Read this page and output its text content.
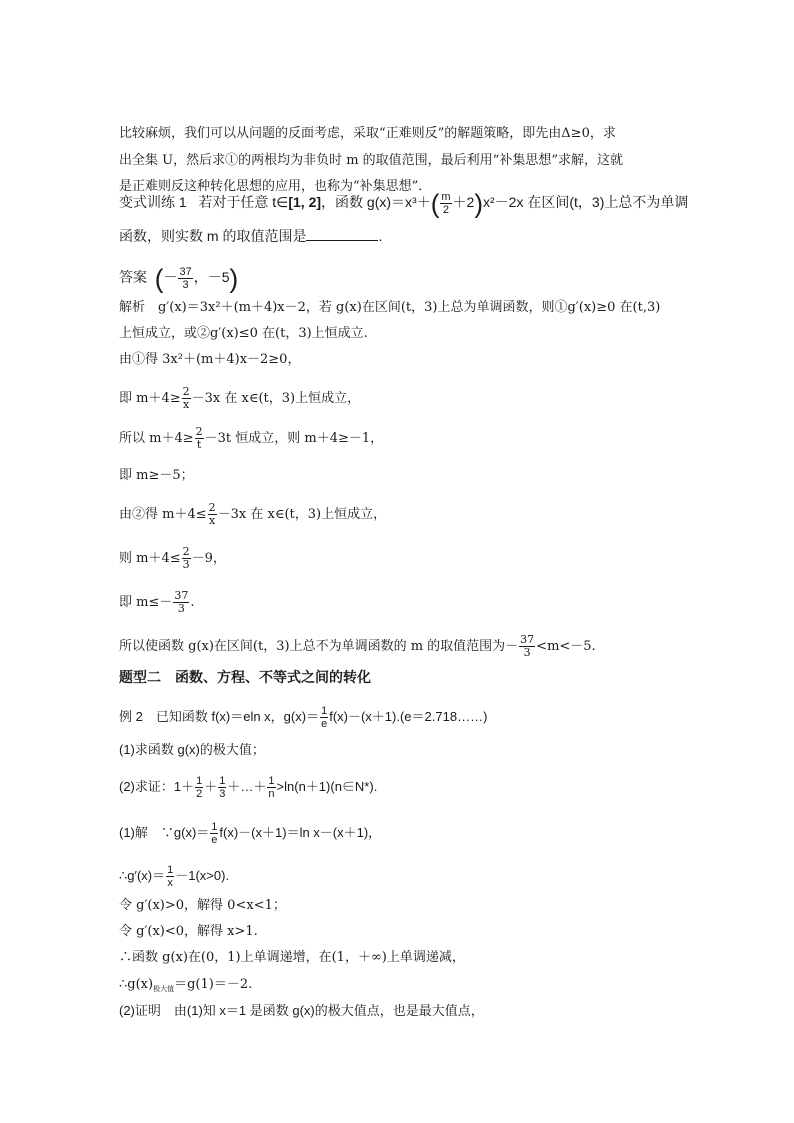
比较麻烦，我们可以从问题的反面考虑，采取“正难则反”的解题策略，即先由Δ≥0，求
出全集 U，然后求①的两根均为非负时 m 的取值范围，最后利用“补集思想”求解，这就
是正难则反这种转化思想的应用，也称为“补集思想”．
变式训练 1 若对于任意 t∈[1, 2]，函数 $g(x)=x^3+( \frac{m}{2} +2)x^2-2x$ 在区间(t，3)上总不为单调
函数，则实数 m 的取值范围是	.
答案 (－ $\frac{37}{3}$ ，－5)
解析　g′(x)＝3x²＋(m＋4)x－2，若 g(x)在区间(t，3)上总为单调函数，则①g′(x)≥0 在(t,3)
上恒成立，或②g′(x)≤0 在(t，3)上恒成立.
由①得 3x²＋(m＋4)x－2≥0，
即 $m+4\ge \frac{2}{x} -3x$ 在 x∈(t，3)上恒成立，
所以 $m+4\ge \frac{2}{t} -3t$ 恒成立，则 m＋4≥－1，
即 m≥－5；
由②得 $m+4\le \frac{2}{x} -3x$ 在 x∈(t，3)上恒成立，
则 $m+4\le \frac{2}{3} -9$，
即 $m\le- \frac{37}{3}$ .
所以使函数 g(x)在区间(t，3)上总不为单调函数的 m 的取值范围为－ $\frac{37}{3} <m<-5$.
题型二　函数、方程、不等式之间的转化
例 2　已知函数 f(x)＝eln x，$g(x)= \frac{1}{e}$ f(x)－(x＋1).(e＝2.718……)
(1)求函数 g(x)的极大值；
(2)求证：$1+ \frac{1}{2} + \frac{1}{3}$ ＋…＋ $\frac{1}{n}$ >ln(n＋1)(n∈N*).
(1)解　∵g(x)＝ $\frac{1}{e} f(x)-(x+1)=\ln$ x－(x＋1)，
∴g′(x)＝ $\frac{1}{x} -1(x>0)$.
令 g′(x)>0，解得 0<x<1；
令 g′(x)<0，解得 x>1.
∴函数 g(x)在(0，1)上单调递增，在(1，＋∞)上单调递减，
$\therefore g(x)_{极大值}=g(1)=-2$.
(2)证明　由(1)知 x＝1 是函数 g(x)的极大值点，也是最大值点，
